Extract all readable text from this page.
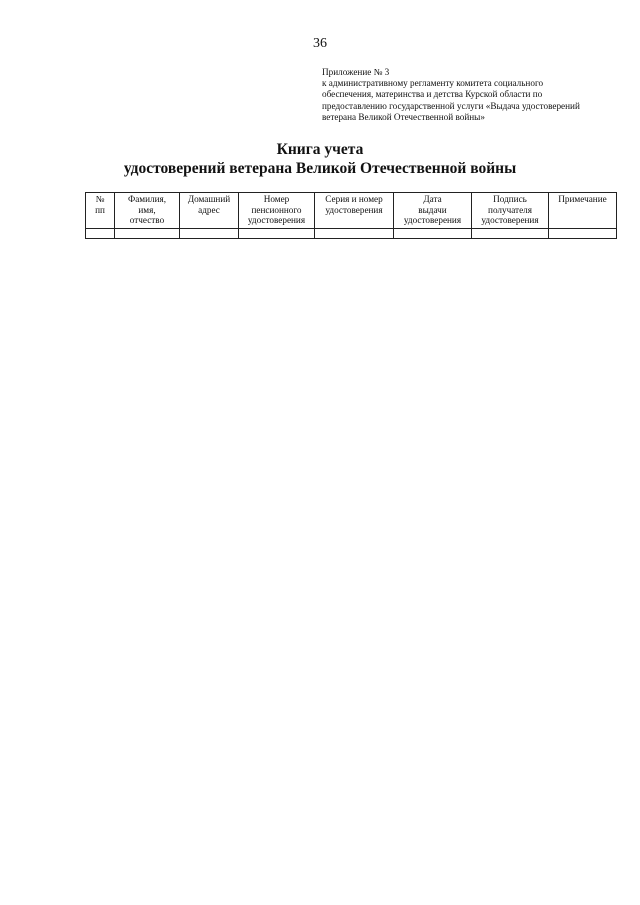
36
Приложение № 3
к административному регламенту комитета социального
обеспечения, материнства и детства Курской области по
предоставлению государственной услуги «Выдача удостоверений
ветерана Великой Отечественной войны»
Книга учета
удостоверений ветерана Великой Отечественной войны
№
пп	Фамилия,
имя,
отчество	Домашний
адрес	Номер
пенсионного
удостоверения	Серия и номер
удостоверения	Дата
выдачи
удостоверения	Подпись
получателя
удостоверения	Примечание
